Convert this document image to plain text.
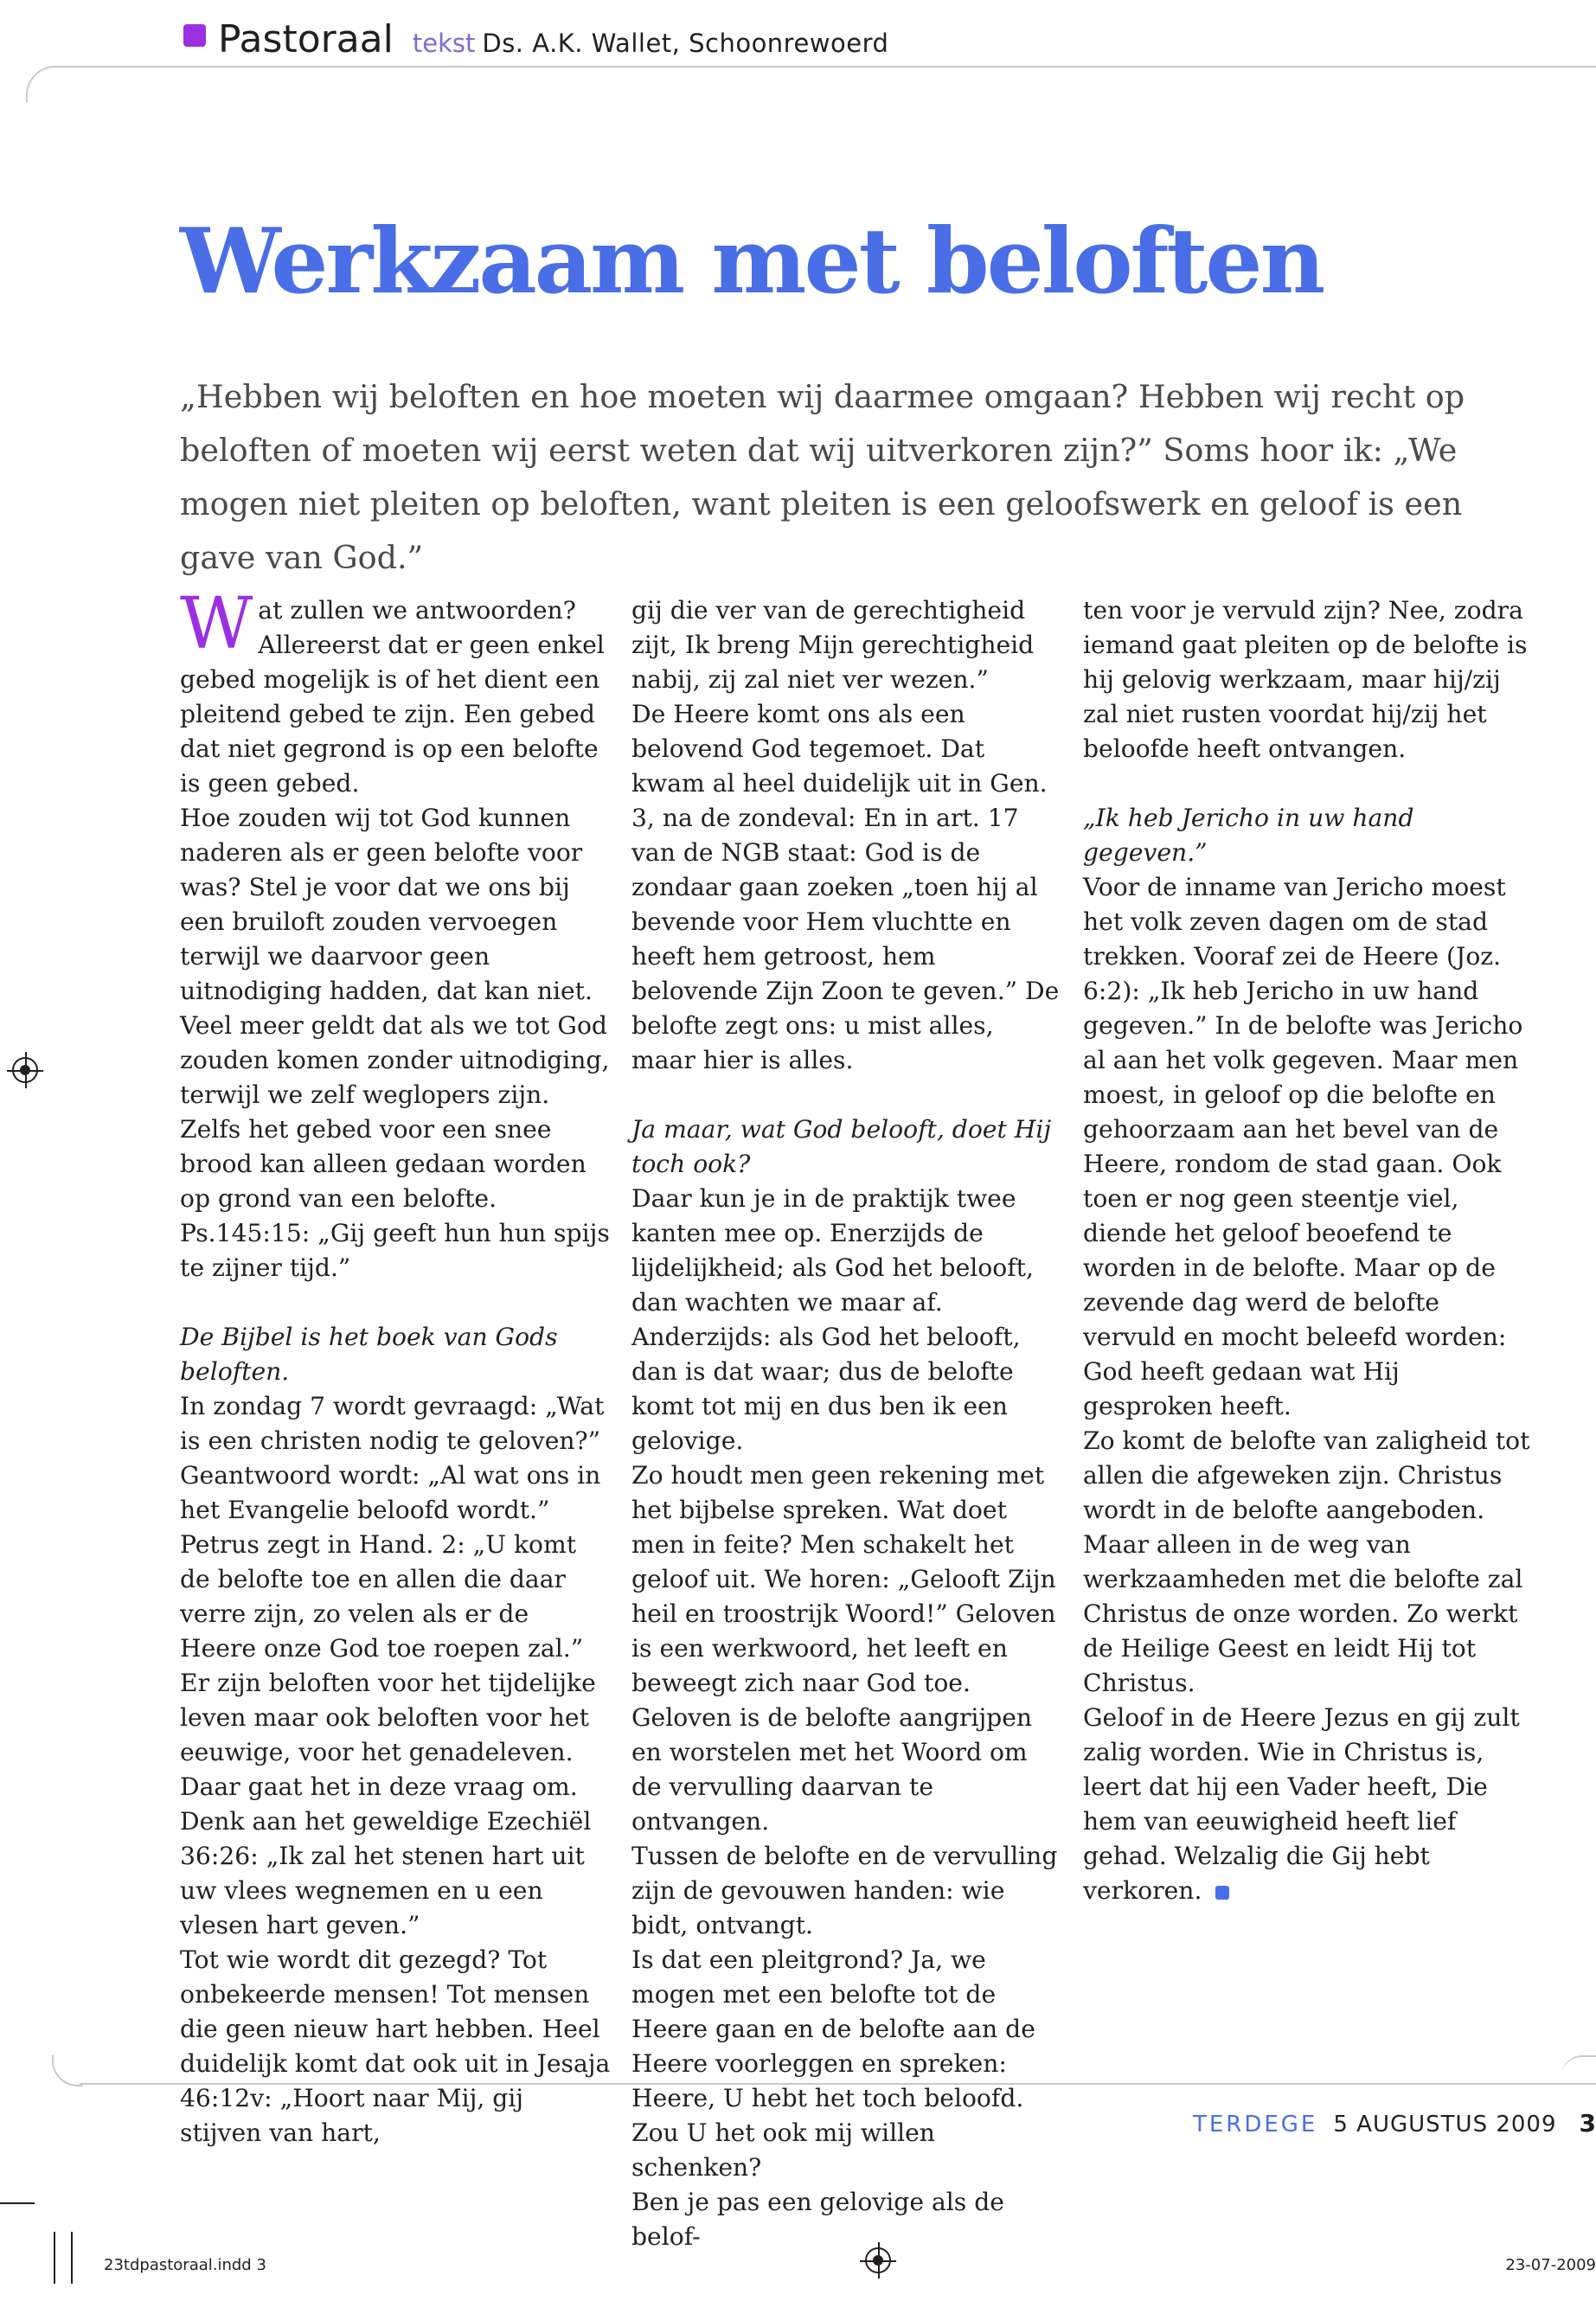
Pastoraal tekst Ds. A.K. Wallet, Schoonrewoerd
Werkzaam met beloften

„Hebben wij beloften en hoe moeten wij daarmee omgaan? Hebben wij recht op beloften of moeten wij eerst weten dat wij uitverkoren zijn?” Soms hoor ik: „We mogen niet pleiten op beloften, want pleiten is een geloofswerk en geloof is een gave van God.”

Wat zullen we antwoorden? Allereerst dat er geen enkel gebed mogelijk is of het dient een pleitend gebed te zijn. Een gebed dat niet gegrond is op een belofte is geen gebed.

Hoe zouden wij tot God kunnen naderen als er geen belofte voor was? Stel je voor dat we ons bij een bruiloft zouden vervoegen terwijl we daarvoor geen uitnodiging hadden, dat kan niet. Veel meer geldt dat als we tot God zouden komen zonder uitnodiging, terwijl we zelf weglopers zijn. Zelfs het gebed voor een snee brood kan alleen gedaan worden op grond van een belofte. Ps.145:15: „Gij geeft hun hun spijs te zijner tijd.”

De Bijbel is het boek van Gods beloften.

In zondag 7 wordt gevraagd: „Wat is een christen nodig te geloven?” Geantwoord wordt: „Al wat ons in het Evangelie beloofd wordt.” Petrus zegt in Hand. 2: „U komt de belofte toe en allen die daar verre zijn, zo velen als er de Heere onze God toe roepen zal.”

Er zijn beloften voor het tijdelijke leven maar ook beloften voor het eeuwige, voor het genadeleven. Daar gaat het in deze vraag om. Denk aan het geweldige Ezechiël 36:26: „Ik zal het stenen hart uit uw vlees wegnemen en u een vlesen hart geven.”

Tot wie wordt dit gezegd? Tot onbekeerde mensen! Tot mensen die geen nieuw hart hebben. Heel duidelijk komt dat ook uit in Jesaja 46:12v: „Hoort naar Mij, gij stijven van hart,

gij die ver van de gerechtigheid zijt, Ik breng Mijn gerechtigheid nabij, zij zal niet ver wezen.”

De Heere komt ons als een belovend God tegemoet. Dat kwam al heel duidelijk uit in Gen. 3, na de zondeval: En in art. 17 van de NGB staat: God is de zondaar gaan zoeken „toen hij al bevende voor Hem vluchtte en heeft hem getroost, hem belovende Zijn Zoon te geven.” De belofte zegt ons: u mist alles, maar hier is alles.

Ja maar, wat God belooft, doet Hij toch ook?

Daar kun je in de praktijk twee kanten mee op. Enerzijds de lijdelijkheid; als God het belooft, dan wachten we maar af. Anderzijds: als God het belooft, dan is dat waar; dus de belofte komt tot mij en dus ben ik een gelovige.

Zo houdt men geen rekening met het bijbelse spreken. Wat doet men in feite? Men schakelt het geloof uit. We horen: „Gelooft Zijn heil en troostrijk Woord!” Geloven is een werkwoord, het leeft en beweegt zich naar God toe. Geloven is de belofte aangrijpen en worstelen met het Woord om de vervulling daarvan te ontvangen.

Tussen de belofte en de vervulling zijn de gevouwen handen: wie bidt, ontvangt.

Is dat een pleitgrond? Ja, we mogen met een belofte tot de Heere gaan en de belofte aan de Heere voorleggen en spreken: Heere, U hebt het toch beloofd. Zou U het ook mij willen schenken?

Ben je pas een gelovige als de belof-

ten voor je vervuld zijn? Nee, zodra iemand gaat pleiten op de belofte is hij gelovig werkzaam, maar hij/zij zal niet rusten voordat hij/zij het beloofde heeft ontvangen.

„Ik heb Jericho in uw hand gegeven.”

Voor de inname van Jericho moest het volk zeven dagen om de stad trekken. Vooraf zei de Heere (Joz. 6:2): „Ik heb Jericho in uw hand gegeven.” In de belofte was Jericho al aan het volk gegeven. Maar men moest, in geloof op die belofte en gehoorzaam aan het bevel van de Heere, rondom de stad gaan. Ook toen er nog geen steentje viel, diende het geloof beoefend te worden in de belofte. Maar op de zevende dag werd de belofte vervuld en mocht beleefd worden: God heeft gedaan wat Hij gesproken heeft.

Zo komt de belofte van zaligheid tot allen die afgeweken zijn. Christus wordt in de belofte aangeboden. Maar alleen in de weg van werkzaamheden met die belofte zal Christus de onze worden. Zo werkt de Heilige Geest en leidt Hij tot Christus.

Geloof in de Heere Jezus en gij zult zalig worden. Wie in Christus is, leert dat hij een Vader heeft, Die hem van eeuwigheid heeft lief gehad. Welzalig die Gij hebt verkoren.

TERDEGE 5 AUGUSTUS 2009 3
23tdpastoraal.indd 3	23-07-2009
